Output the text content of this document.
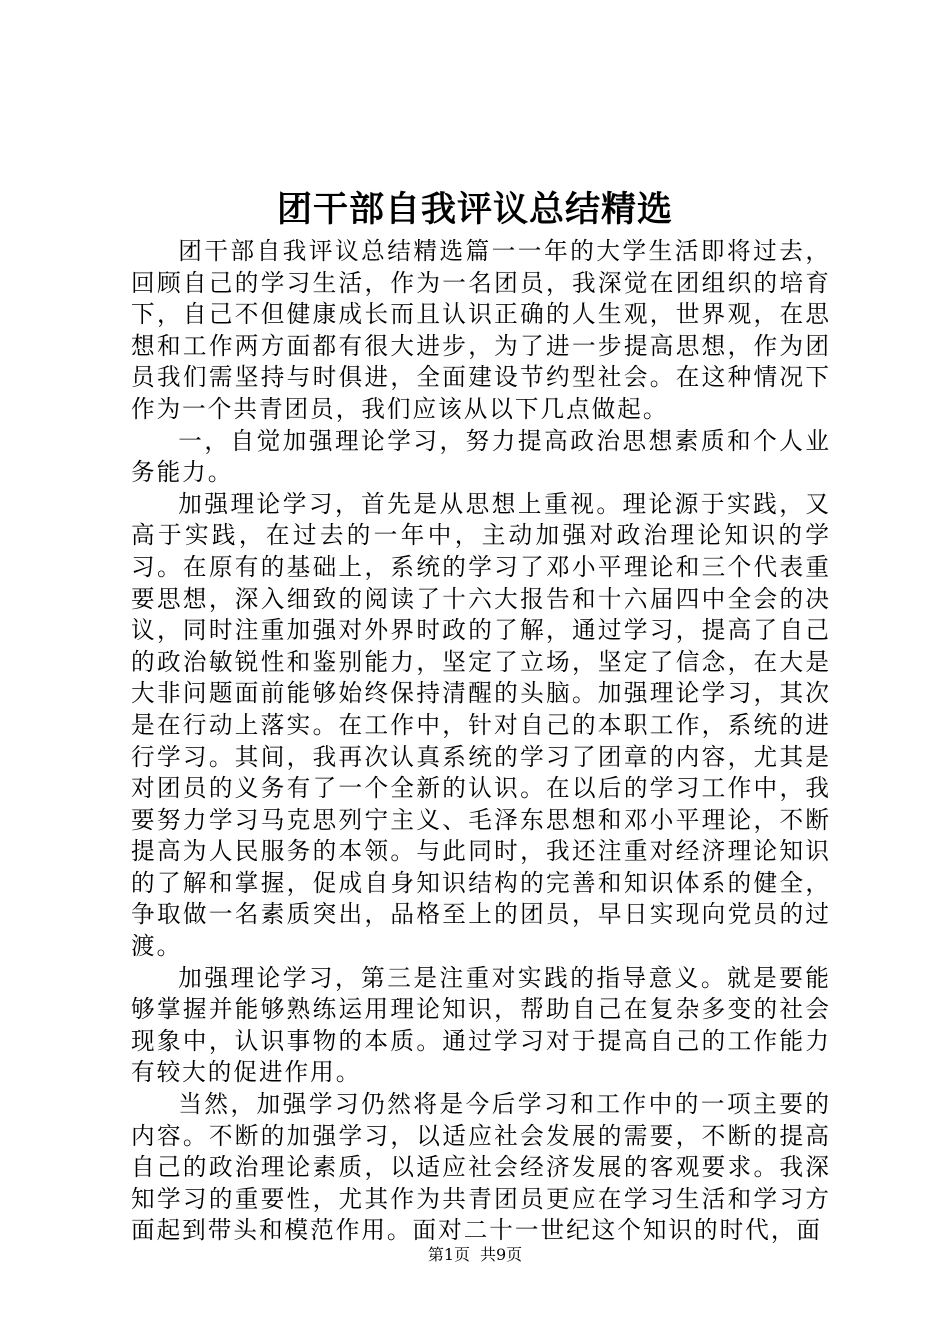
团干部自我评议总结精选

团干部自我评议总结精选篇一一年的大学生活即将过去，回顾自己的学习生活，作为一名团员，我深觉在团组织的培育下，自己不但健康成长而且认识正确的人生观，世界观，在思想和工作两方面都有很大进步，为了进一步提高思想，作为团员我们需坚持与时俱进，全面建设节约型社会。在这种情况下作为一个共青团员，我们应该从以下几点做起。

一，自觉加强理论学习，努力提高政治思想素质和个人业务能力。

加强理论学习，首先是从思想上重视。理论源于实践，又高于实践，在过去的一年中，主动加强对政治理论知识的学习。在原有的基础上，系统的学习了邓小平理论和三个代表重要思想，深入细致的阅读了十六大报告和十六届四中全会的决议，同时注重加强对外界时政的了解，通过学习，提高了自己的政治敏锐性和鉴别能力，坚定了立场，坚定了信念，在大是大非问题面前能够始终保持清醒的头脑。加强理论学习，其次是在行动上落实。在工作中，针对自己的本职工作，系统的进行学习。其间，我再次认真系统的学习了团章的内容，尤其是对团员的义务有了一个全新的认识。在以后的学习工作中，我要努力学习马克思列宁主义、毛泽东思想和邓小平理论，不断提高为人民服务的本领。与此同时，我还注重对经济理论知识的了解和掌握，促成自身知识结构的完善和知识体系的健全，争取做一名素质突出，品格至上的团员，早日实现向党员的过渡。

加强理论学习，第三是注重对实践的指导意义。就是要能够掌握并能够熟练运用理论知识，帮助自己在复杂多变的社会现象中，认识事物的本质。通过学习对于提高自己的工作能力有较大的促进作用。

当然，加强学习仍然将是今后学习和工作中的一项主要的内容。不断的加强学习，以适应社会发展的需要，不断的提高自己的政治理论素质，以适应社会经济发展的客观要求。我深知学习的重要性，尤其作为共青团员更应在学习生活和学习方面起到带头和模范作用。面对二十一世纪这个知识的时代，面

第1页 共9页
